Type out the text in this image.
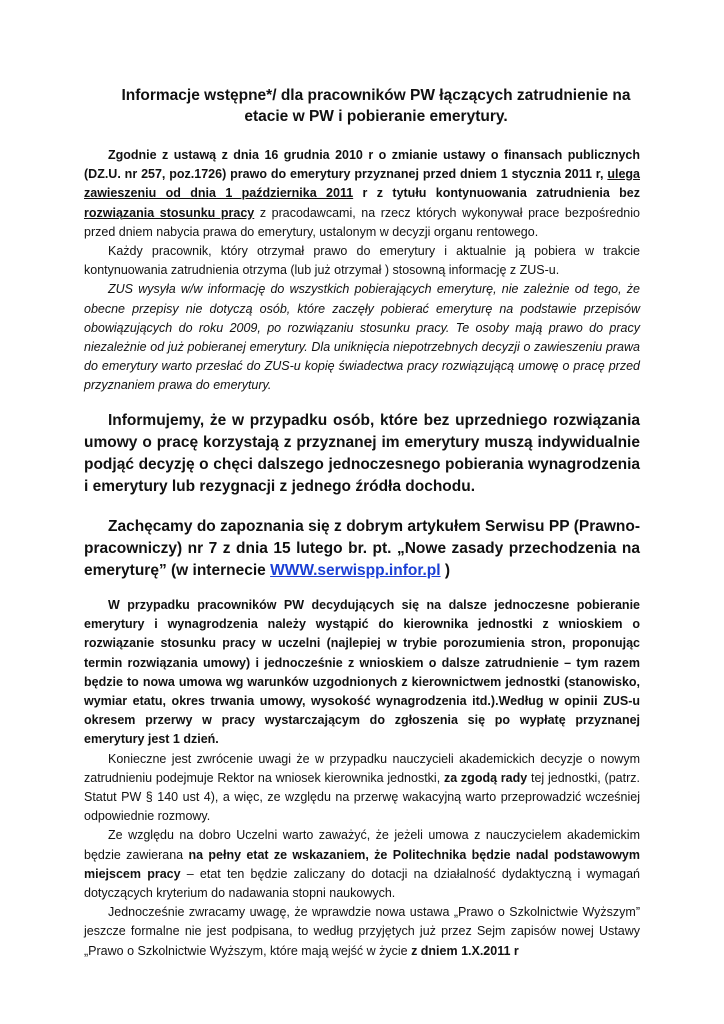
Informacje wstępne*/ dla pracowników PW łączących zatrudnienie na
etacie w PW i pobieranie emerytury.

Zgodnie z ustawą z dnia 16 grudnia 2010 r o zmianie ustawy o finansach publicznych (DZ.U. nr 257, poz.1726) prawo do emerytury przyznanej przed dniem 1 stycznia 2011 r, ulega zawieszeniu od dnia 1 października 2011 r z tytułu kontynuowania zatrudnienia bez rozwiązania stosunku pracy z pracodawcami, na rzecz których wykonywał prace bezpośrednio przed dniem nabycia prawa do emerytury, ustalonym w decyzji organu rentowego.

Każdy pracownik, który otrzymał prawo do emerytury i aktualnie ją pobiera w trakcie kontynuowania zatrudnienia otrzyma (lub już otrzymał ) stosowną informację z ZUS-u.

ZUS wysyła w/w informację do wszystkich pobierających emeryturę, nie zależnie od tego, że obecne przepisy nie dotyczą osób, które zaczęły pobierać emeryturę na podstawie przepisów obowiązujących do roku 2009, po rozwiązaniu stosunku pracy. Te osoby mają prawo do pracy niezależnie od już pobieranej emerytury. Dla uniknięcia niepotrzebnych decyzji o zawieszeniu prawa do emerytury warto przesłać do ZUS-u kopię świadectwa pracy rozwiązującą umowę o pracę przed przyznaniem prawa do emerytury.

Informujemy, że w przypadku osób, które bez uprzedniego rozwiązania umowy o pracę korzystają z przyznanej im emerytury muszą indywidualnie podjąć decyzję o chęci dalszego jednoczesnego pobierania wynagrodzenia i emerytury lub rezygnacji z jednego źródła dochodu.

Zachęcamy do zapoznania się z dobrym artykułem Serwisu PP (Prawno-pracowniczy) nr 7 z dnia 15 lutego br. pt. „Nowe zasady przechodzenia na emeryturę” (w internecie WWW.serwispp.infor.pl )

W przypadku pracowników PW decydujących się na dalsze jednoczesne pobieranie emerytury i wynagrodzenia należy wystąpić do kierownika jednostki z wnioskiem o rozwiązanie stosunku pracy w uczelni (najlepiej w trybie porozumienia stron, proponując termin rozwiązania umowy) i jednocześnie z wnioskiem o dalsze zatrudnienie – tym razem będzie to nowa umowa wg warunków uzgodnionych z kierownictwem jednostki (stanowisko, wymiar etatu, okres trwania umowy, wysokość wynagrodzenia itd.).Według w opinii ZUS-u okresem przerwy w pracy wystarczającym do zgłoszenia się po wypłatę przyznanej emerytury jest 1 dzień.

Konieczne jest zwrócenie uwagi że w przypadku nauczycieli akademickich decyzje o nowym zatrudnieniu podejmuje Rektor na wniosek kierownika jednostki, za zgodą rady tej jednostki, (patrz. Statut PW § 140 ust 4), a więc, ze względu na przerwę wakacyjną warto przeprowadzić wcześniej odpowiednie rozmowy.

Ze względu na dobro Uczelni warto zaważyć, że jeżeli umowa z nauczycielem akademickim będzie zawierana na pełny etat ze wskazaniem, że Politechnika będzie nadal podstawowym miejscem pracy – etat ten będzie zaliczany do dotacji na działalność dydaktyczną i wymagań dotyczących kryterium do nadawania stopni naukowych.

Jednocześnie zwracamy uwagę, że wprawdzie nowa ustawa „Prawo o Szkolnictwie Wyższym” jeszcze formalne nie jest podpisana, to według przyjętych już przez Sejm zapisów nowej Ustawy „Prawo o Szkolnictwie Wyższym, które mają wejść w życie z dniem 1.X.2011 r
